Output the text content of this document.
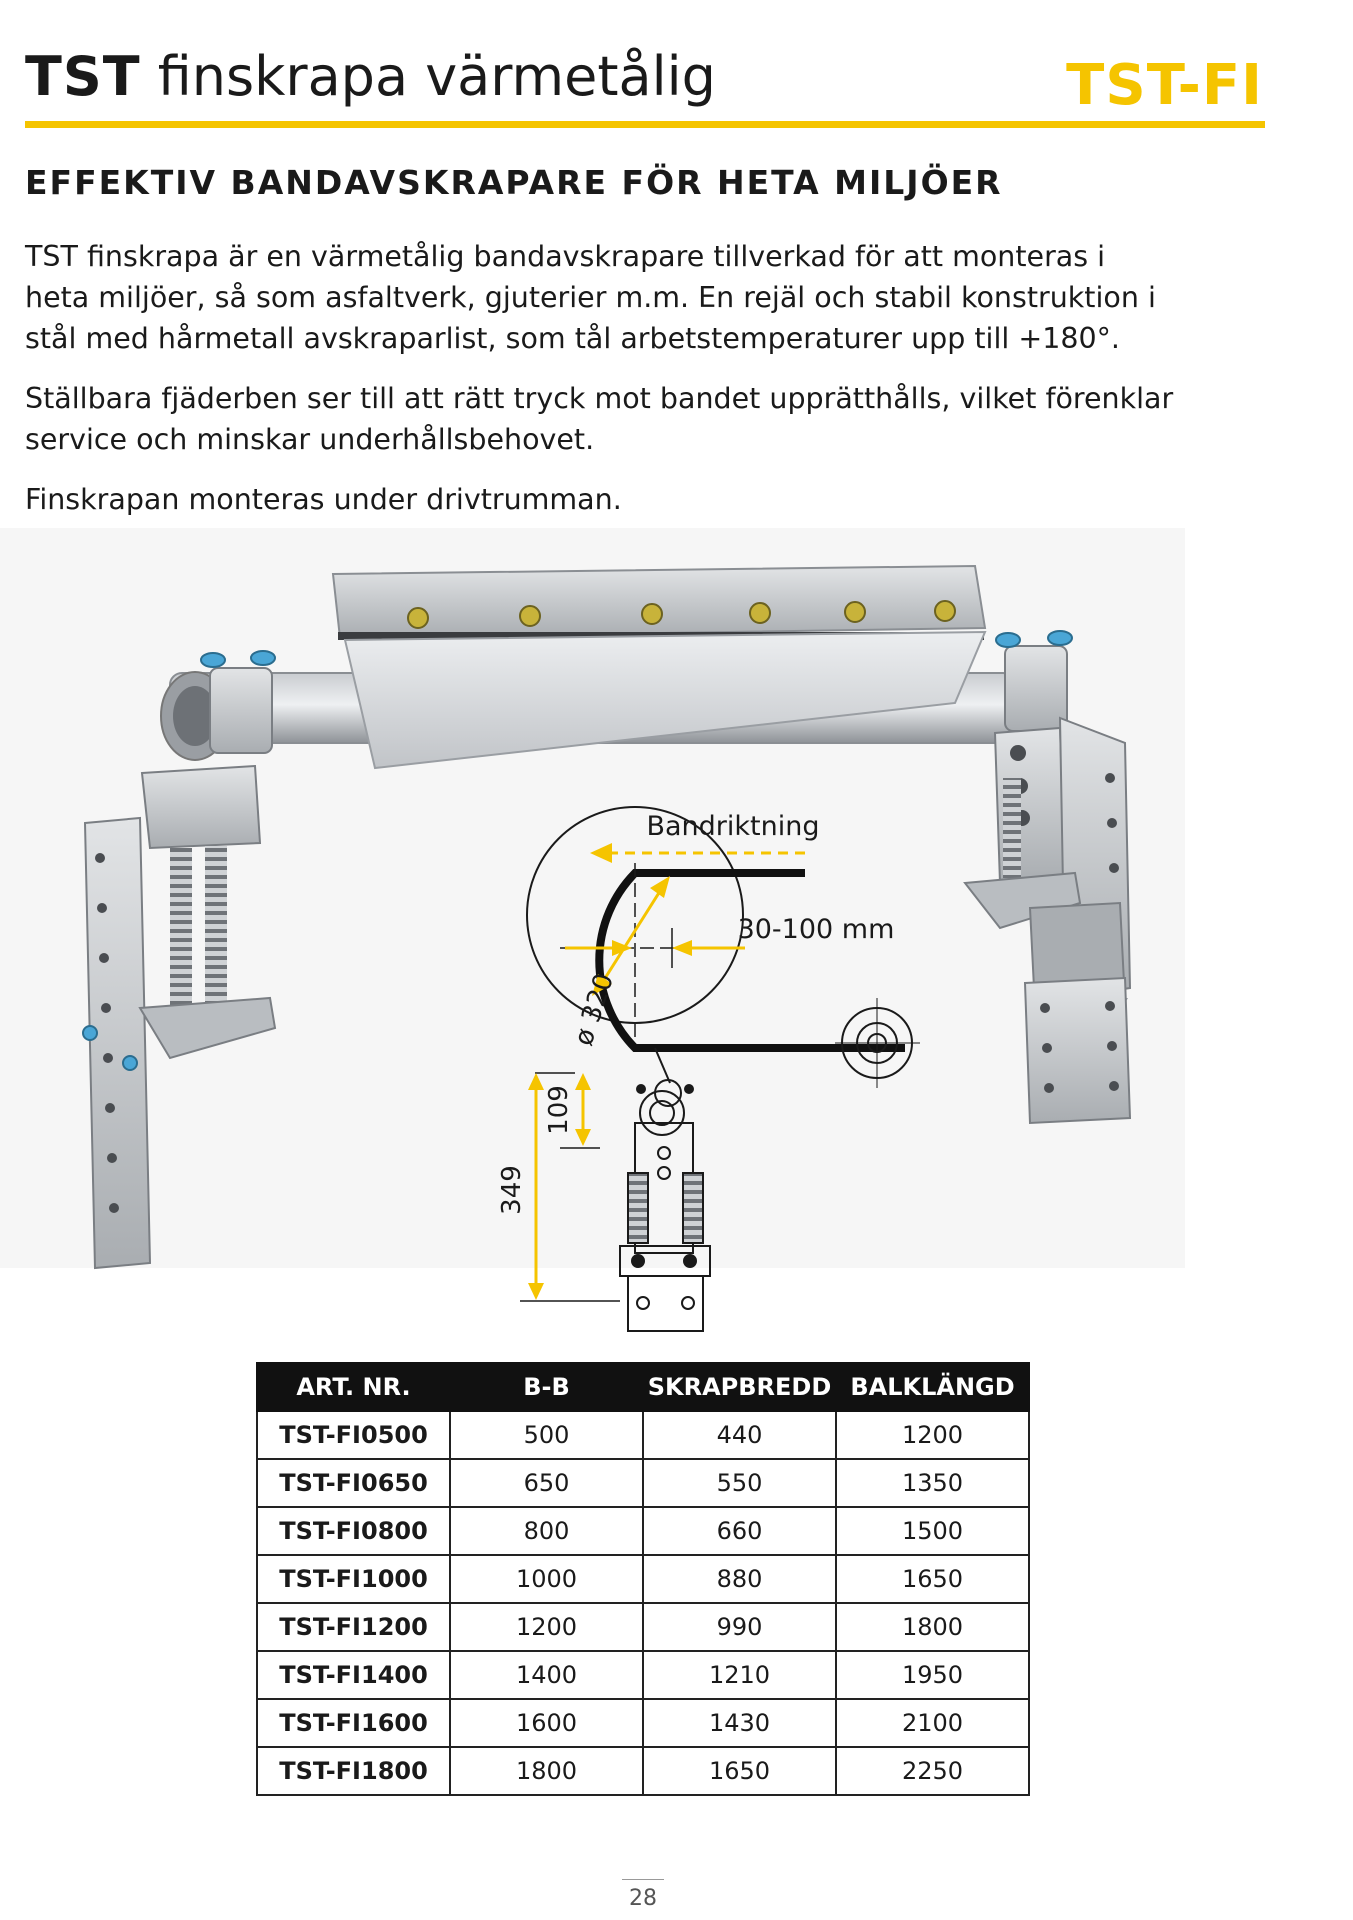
TST finskrapa värmetålig	TST-FI
EFFEKTIV BANDAVSKRAPARE FÖR HETA MILJÖER

TST finskrapa är en värmetålig bandavskrapare tillverkad för att monteras i heta miljöer, så som asfaltverk, gjuterier m.m. En rejäl och stabil konstruktion i stål med hårmetall avskraparlist, som tål arbetstemperaturer upp till +180°.

Ställbara fjäderben ser till att rätt tryck mot bandet upprätthålls, vilket förenklar service och minskar underhållsbehovet.

Finskrapan monteras under drivtrumman.

Bandriktning
30-100 mm
ø 320
109
349
ART. NR.	B-B	SKRAPBREDD	BALKLÄNGD
TST-FI0500	500	440	1200
TST-FI0650	650	550	1350
TST-FI0800	800	660	1500
TST-FI1000	1000	880	1650
TST-FI1200	1200	990	1800
TST-FI1400	1400	1210	1950
TST-FI1600	1600	1430	2100
TST-FI1800	1800	1650	2250
28
